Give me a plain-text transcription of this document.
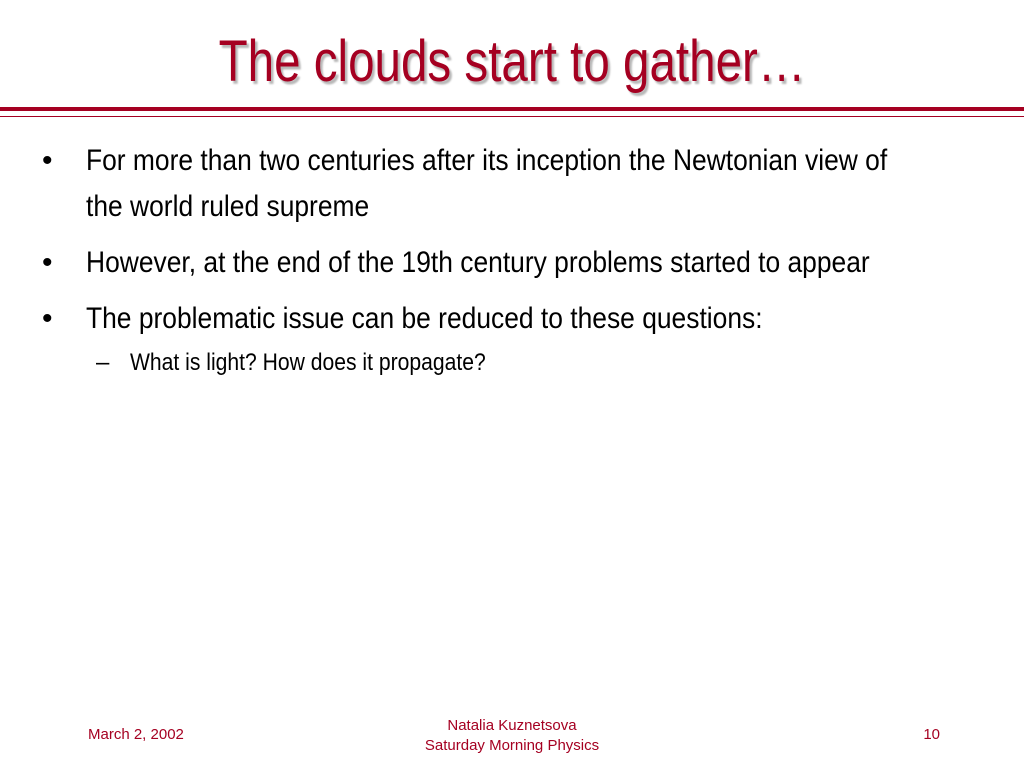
The clouds start to gather…
•	For more than two centuries after its inception the Newtonian view of the world ruled supreme
•	However, at the end of the 19th century problems started to appear
•	The problematic issue can be reduced to these questions:
– What is light? How does it propagate?
March 2, 2002
Natalia Kuznetsova
Saturday Morning Physics
10
